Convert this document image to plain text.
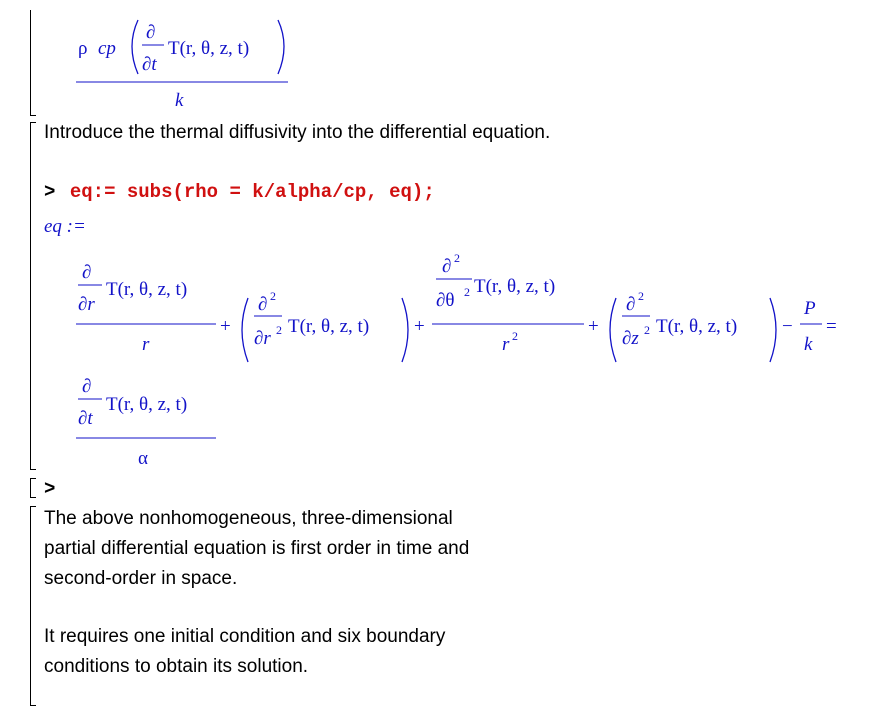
ρ cp
∂
∂t
T(r, θ, z, t)
k
Introduce the thermal diffusivity into the differential equation.
> eq:= subs(rho = k/alpha/cp, eq);
eq :=
∂
∂r
T(r, θ, z, t)
r
+
∂ 2
∂r 2 T(r, θ, z, t) +
∂ 2
∂θ 2 T(r, θ, z, t)
r 2	+
∂ 2
∂z 2 T(r, θ, z, t) −
P
k
=
∂
∂t
T(r, θ, z, t)
α
>
The above nonhomogeneous, three-dimensional
partial differential equation is first order in time and
second-order in space.
It requires one initial condition and six boundary
conditions to obtain its solution.
